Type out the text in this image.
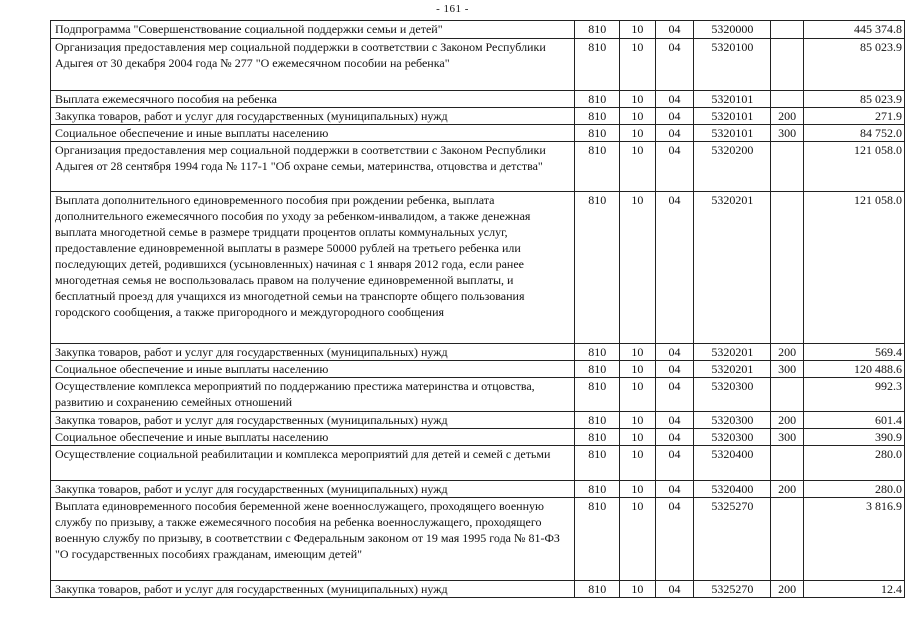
- 161 -
Подпрограмма "Совершенствование социальной поддержки семьи и детей"	810	10	04	5320000		445 374.8
Организация предоставления мер социальной поддержки в соответствии с Законом Республики Адыгея от 30 декабря 2004 года № 277 "О ежемесячном пособии на ребенка"	810	10	04	5320100		85 023.9
Выплата ежемесячного пособия на ребенка	810	10	04	5320101		85 023.9
Закупка товаров, работ и услуг для государственных (муниципальных) нужд	810	10	04	5320101	200	271.9
Социальное обеспечение и иные выплаты населению	810	10	04	5320101	300	84 752.0
Организация предоставления мер социальной поддержки в соответствии с Законом Республики Адыгея от 28 сентября 1994 года № 117-1 "Об охране семьи, материнства, отцовства и детства"	810	10	04	5320200		121 058.0
Выплата дополнительного единовременного пособия при рождении ребенка, выплата дополнительного ежемесячного пособия по уходу за ребенком-инвалидом, а также денежная выплата многодетной семье в размере тридцати процентов оплаты коммунальных услуг, предоставление единовременной выплаты в размере 50000 рублей на третьего ребенка или последующих детей, родившихся (усыновленных) начиная с 1 января 2012 года, если ранее многодетная семья не воспользовалась правом на получение единовременной выплаты, и бесплатный проезд для учащихся из многодетной семьи на транспорте общего пользования городского сообщения, а также пригородного и междугородного сообщения	810	10	04	5320201		121 058.0
Закупка товаров, работ и услуг для государственных (муниципальных) нужд	810	10	04	5320201	200	569.4
Социальное обеспечение и иные выплаты населению	810	10	04	5320201	300	120 488.6
Осуществление комплекса мероприятий по поддержанию престижа материнства и отцовства, развитию и сохранению семейных отношений	810	10	04	5320300		992.3
Закупка товаров, работ и услуг для государственных (муниципальных) нужд	810	10	04	5320300	200	601.4
Социальное обеспечение и иные выплаты населению	810	10	04	5320300	300	390.9
Осуществление социальной реабилитации и комплекса мероприятий для детей и семей с детьми	810	10	04	5320400		280.0
Закупка товаров, работ и услуг для государственных (муниципальных) нужд	810	10	04	5320400	200	280.0
Выплата единовременного пособия беременной жене военнослужащего, проходящего военную службу по призыву, а также ежемесячного пособия на ребенка военнослужащего, проходящего военную службу по призыву, в соответствии с Федеральным законом от 19 мая 1995 года № 81-ФЗ "О государственных пособиях гражданам, имеющим детей"	810	10	04	5325270		3 816.9
Закупка товаров, работ и услуг для государственных (муниципальных) нужд	810	10	04	5325270	200	12.4
